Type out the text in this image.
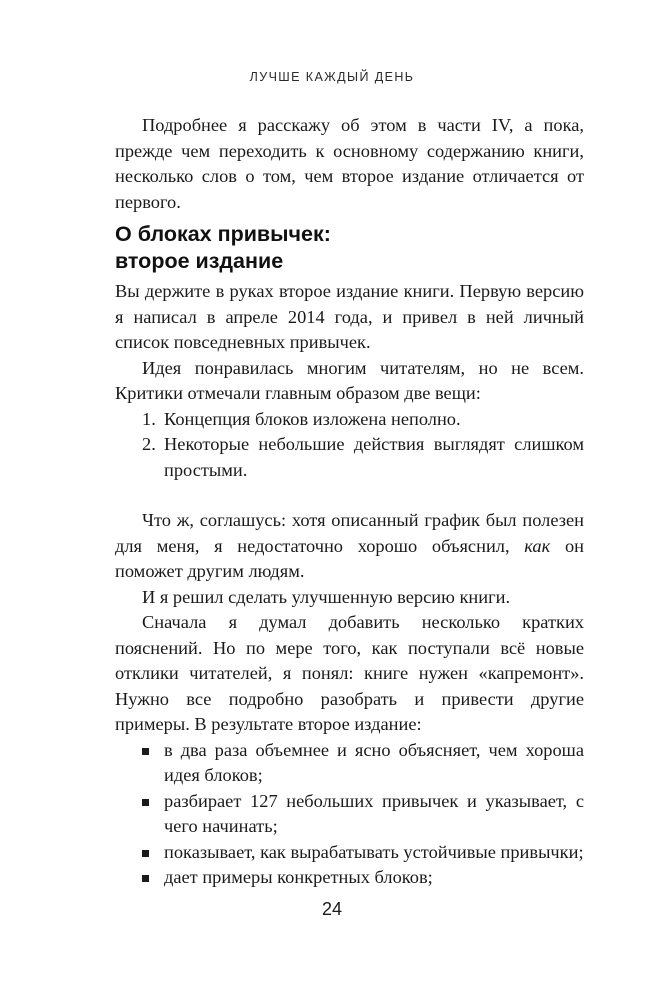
ЛУЧШЕ КАЖДЫЙ ДЕНЬ

Подробнее я расскажу об этом в части IV, а пока, прежде чем переходить к основному содержанию книги, несколько слов о том, чем второе издание отличается от первого.

О блоках привычек:
второе издание

Вы держите в руках второе издание книги. Первую версию я написал в апреле 2014 года, и привел в ней личный список повседневных привычек.

Идея понравилась многим читателям, но не всем. Критики отмечали главным образом две вещи:

1. Концепция блоков изложена неполно.
2. Некоторые небольшие действия выглядят слишком простыми.

Что ж, соглашусь: хотя описанный график был полезен для меня, я недостаточно хорошо объяснил, как он поможет другим людям.

И я решил сделать улучшенную версию книги.

Сначала я думал добавить несколько кратких пояснений. Но по мере того, как поступали всё новые отклики читателей, я понял: книге нужен «капремонт». Нужно все подробно разобрать и привести другие примеры. В результате второе издание:

в два раза объемнее и ясно объясняет, чем хороша идея блоков;
разбирает 127 небольших привычек и указывает, с чего начинать;
показывает, как вырабатывать устойчивые привычки;
дает примеры конкретных блоков;
24
